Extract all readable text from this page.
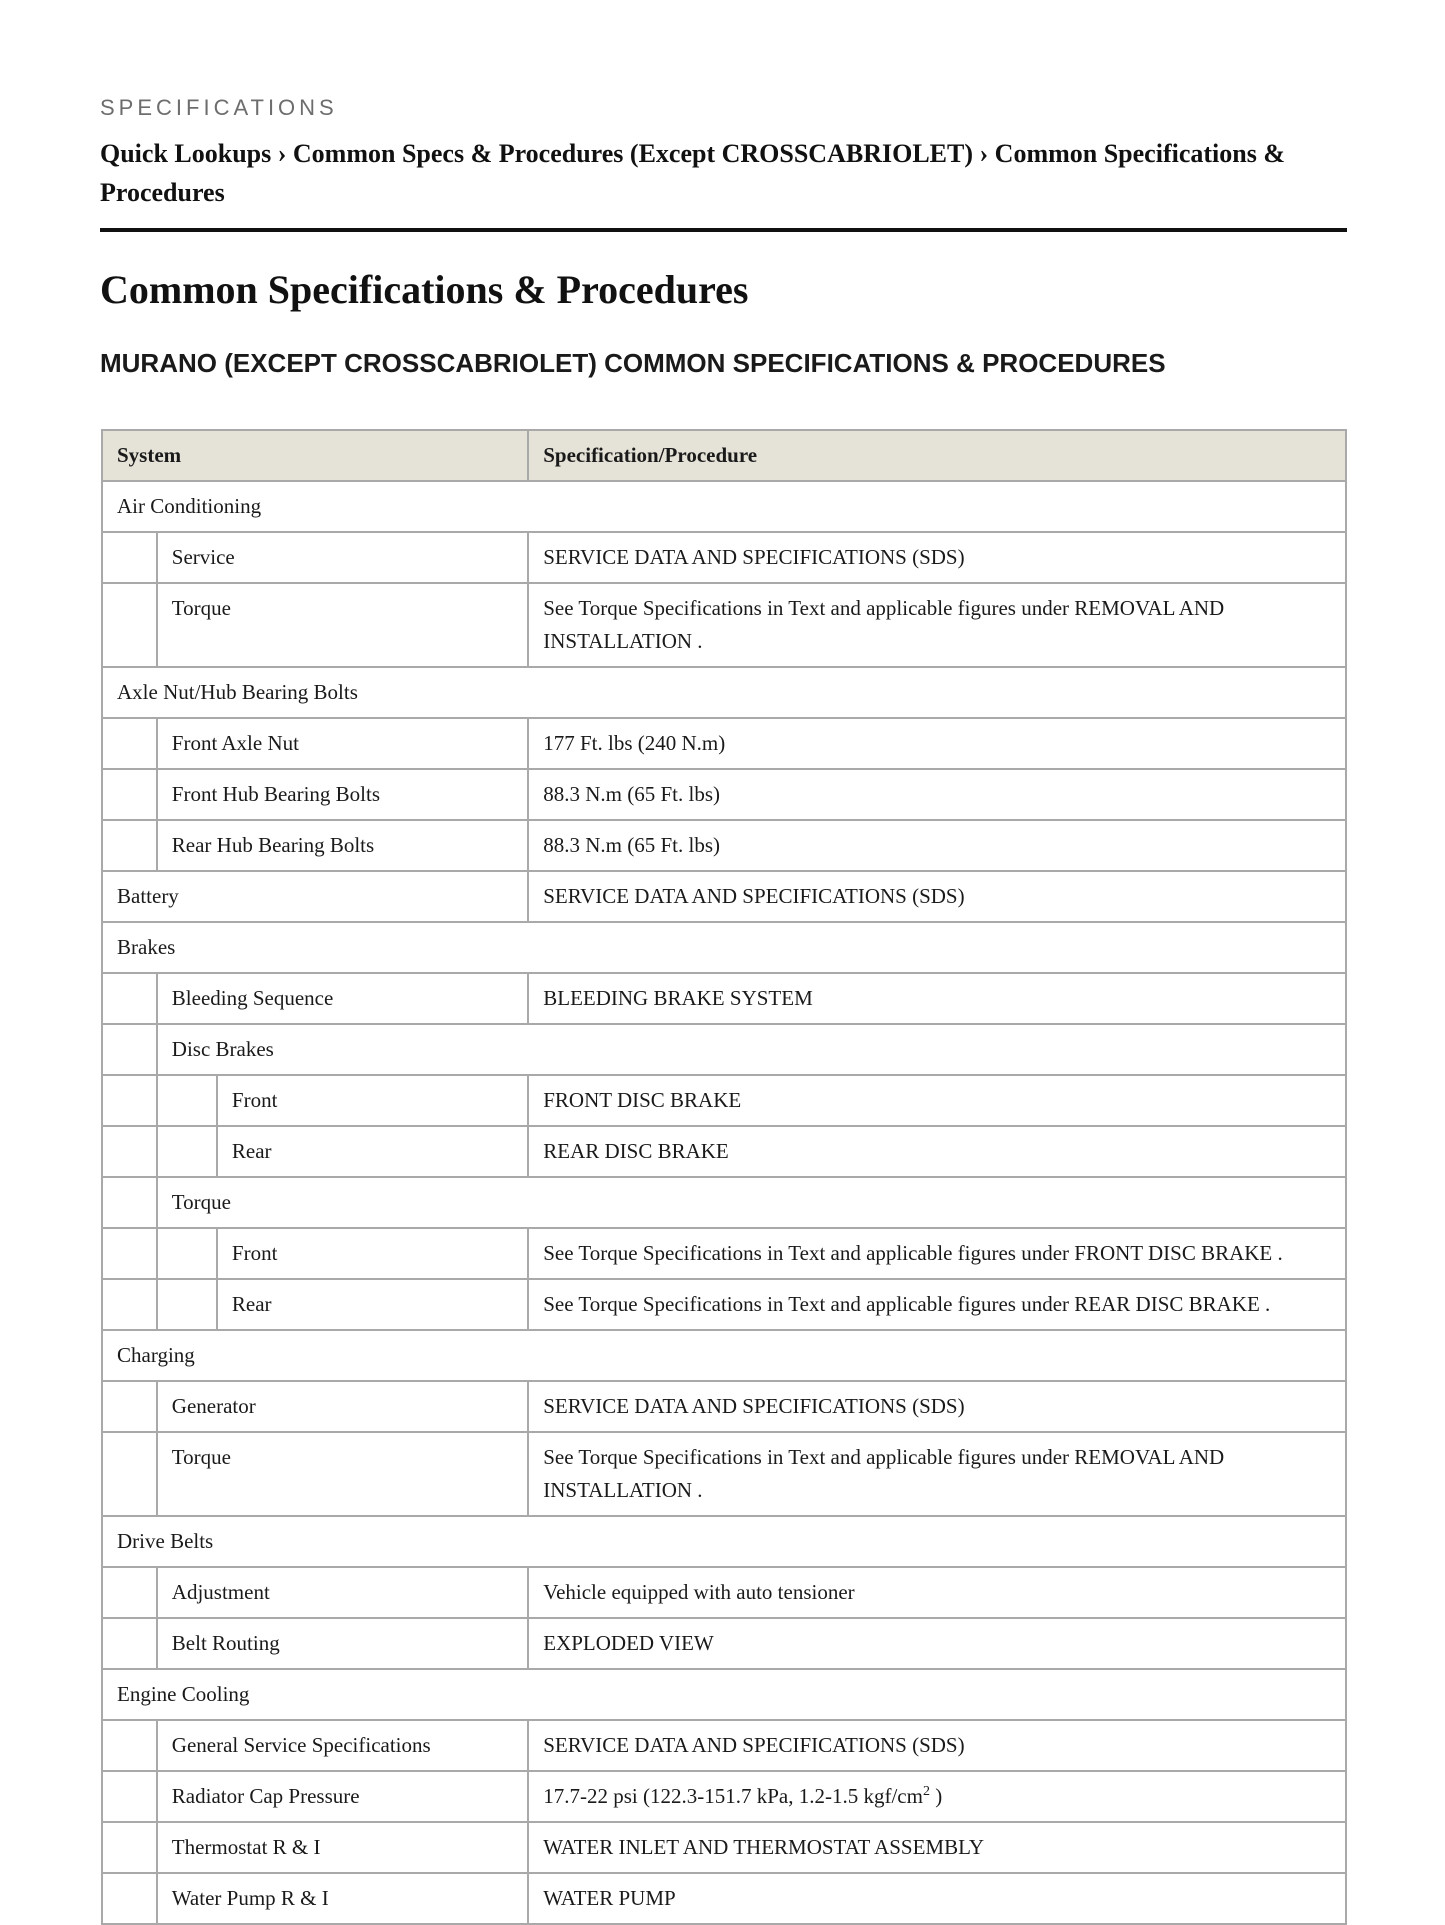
SPECIFICATIONS
Quick Lookups › Common Specs & Procedures (Except CROSSCABRIOLET) › Common Specifications & Procedures
Common Specifications & Procedures
MURANO (EXCEPT CROSSCABRIOLET) COMMON SPECIFICATIONS & PROCEDURES
System			Specification/Procedure
Air Conditioning			
	Service		SERVICE DATA AND SPECIFICATIONS (SDS)
	Torque		See Torque Specifications in Text and applicable figures under REMOVAL AND INSTALLATION .
Axle Nut/Hub Bearing Bolts			
	Front Axle Nut		177 Ft. lbs (240 N.m)
	Front Hub Bearing Bolts		88.3 N.m (65 Ft. lbs)
	Rear Hub Bearing Bolts		88.3 N.m (65 Ft. lbs)
Battery			SERVICE DATA AND SPECIFICATIONS (SDS)
Brakes			
	Bleeding Sequence		BLEEDING BRAKE SYSTEM
	Disc Brakes		
		Front	FRONT DISC BRAKE
		Rear	REAR DISC BRAKE
	Torque		
		Front	See Torque Specifications in Text and applicable figures under FRONT DISC BRAKE .
		Rear	See Torque Specifications in Text and applicable figures under REAR DISC BRAKE .
Charging			
	Generator		SERVICE DATA AND SPECIFICATIONS (SDS)
	Torque		See Torque Specifications in Text and applicable figures under REMOVAL AND INSTALLATION .
Drive Belts			
	Adjustment		Vehicle equipped with auto tensioner
	Belt Routing		EXPLODED VIEW
Engine Cooling			
	General Service Specifications		SERVICE DATA AND SPECIFICATIONS (SDS)
	Radiator Cap Pressure		17.7-22 psi (122.3-151.7 kPa, 1.2-1.5 kgf/$cm^2$ )
	Thermostat R & I		WATER INLET AND THERMOSTAT ASSEMBLY
	Water Pump R & I		WATER PUMP
